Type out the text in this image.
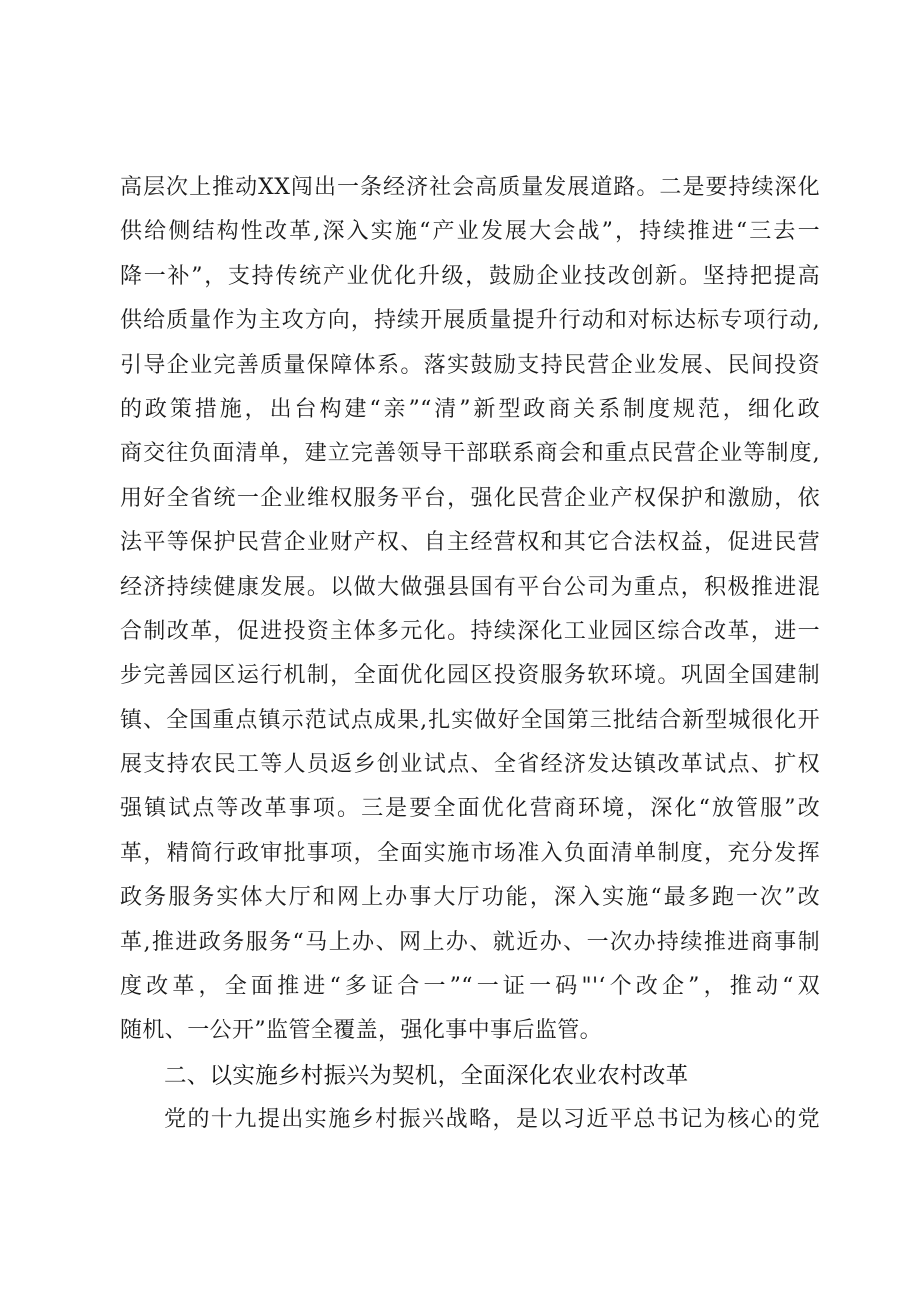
高层次上推动XX闯出一条经济社会高质量发展道路。二是要持续深化
供给侧结构性改革,深入实施“产业发展大会战”，持续推进“三去一
降一补”，支持传统产业优化升级，鼓励企业技改创新。坚持把提高
供给质量作为主攻方向，持续开展质量提升行动和对标达标专项行动,
引导企业完善质量保障体系。落实鼓励支持民营企业发展、民间投资
的政策措施，出台构建“亲”“清”新型政商关系制度规范，细化政
商交往负面清单，建立完善领导干部联系商会和重点民营企业等制度,
用好全省统一企业维权服务平台，强化民营企业产权保护和激励，依
法平等保护民营企业财产权、自主经营权和其它合法权益，促进民营
经济持续健康发展。以做大做强县国有平台公司为重点，积极推进混
合制改革，促进投资主体多元化。持续深化工业园区综合改革，进一
步完善园区运行机制，全面优化园区投资服务软环境。巩固全国建制
镇、全国重点镇示范试点成果,扎实做好全国第三批结合新型城很化开
展支持农民工等人员返乡创业试点、全省经济发达镇改革试点、扩权
强镇试点等改革事项。三是要全面优化营商环境，深化“放管服”改
革，精简行政审批事项，全面实施市场准入负面清单制度，充分发挥
政务服务实体大厅和网上办事大厅功能，深入实施“最多跑一次”改
革,推进政务服务“马上办、网上办、就近办、一次办持续推进商事制
度改革，全面推进“多证合一”“一证一码"'‘个改企”，推动“双
随机、一公开”监管全覆盖，强化事中事后监管。
二、以实施乡村振兴为契机，全面深化农业农村改革
党的十九提出实施乡村振兴战略，是以习近平总书记为核心的党
